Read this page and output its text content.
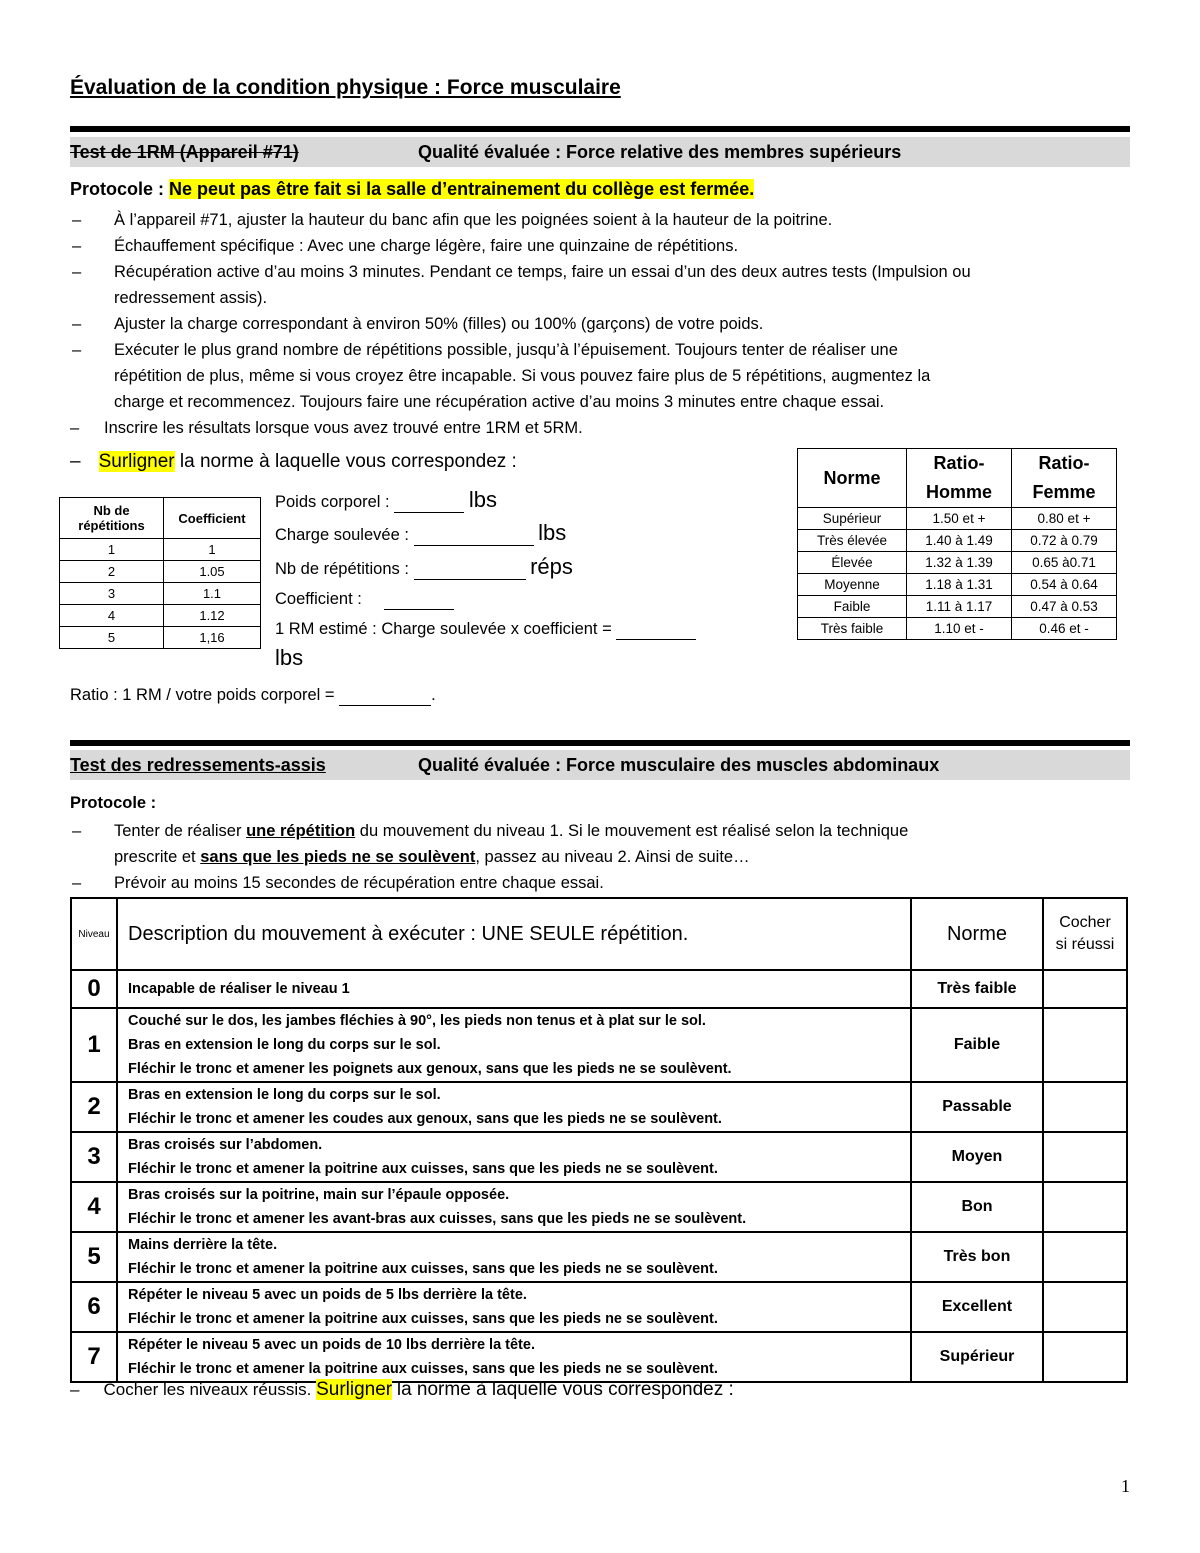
Évaluation de la condition physique : Force musculaire
Test de 1RM (Appareil #71)	Qualité évaluée : Force relative des membres supérieurs
Protocole : Ne peut pas être fait si la salle d’entrainement du collège est fermée.
– À l’appareil #71, ajuster la hauteur du banc afin que les poignées soient à la hauteur de la poitrine.
– Échauffement spécifique : Avec une charge légère, faire une quinzaine de répétitions.
– Récupération active d’au moins 3 minutes. Pendant ce temps, faire un essai d’un des deux autres tests (Impulsion ou
redressement assis).
– Ajuster la charge correspondant à environ 50% (filles) ou 100% (garçons) de votre poids.
– Exécuter le plus grand nombre de répétitions possible, jusqu’à l’épuisement. Toujours tenter de réaliser une
répétition de plus, même si vous croyez être incapable. Si vous pouvez faire plus de 5 répétitions, augmentez la
charge et recommencez. Toujours faire une récupération active d’au moins 3 minutes entre chaque essai.
– Inscrire les résultats lorsque vous avez trouvé entre 1RM et 5RM.
– Surligner la norme à laquelle vous correspondez :
Nb de répétitions	Coefficient
1	1
2	1.05
3	1.1
4	1.12
5	1,16
Poids corporel :	lbs
Charge soulevée :	lbs
Nb de répétitions :	réps
Coefficient :
1 RM estimé : Charge soulevée x coefficient =
lbs
Ratio : 1 RM / votre poids corporel =	.
Norme	Ratio-Homme	Ratio-Femme
Supérieur	1.50 et +	0.80 et +
Très élevée	1.40 à 1.49	0.72 à 0.79
Élevée	1.32 à 1.39	0.65 à0.71
Moyenne	1.18 à 1.31	0.54 à 0.64
Faible	1.11 à 1.17	0.47 à 0.53
Très faible	1.10 et -	0.46 et -
Test des redressements-assis	Qualité évaluée : Force musculaire des muscles abdominaux
Protocole :
– Tenter de réaliser une répétition du mouvement du niveau 1. Si le mouvement est réalisé selon la technique
prescrite et sans que les pieds ne se soulèvent, passez au niveau 2. Ainsi de suite…
– Prévoir au moins 15 secondes de récupération entre chaque essai.
Niveau	Description du mouvement à exécuter : UNE SEULE répétition.	Norme	Cocher si réussi
0	Incapable de réaliser le niveau 1	Très faible	
1	Couché sur le dos, les jambes fléchies à 90°, les pieds non tenus et à plat sur le sol.
Bras en extension le long du corps sur le sol.
Fléchir le tronc et amener les poignets aux genoux, sans que les pieds ne se soulèvent.	Faible	
2	Bras en extension le long du corps sur le sol.
Fléchir le tronc et amener les coudes aux genoux, sans que les pieds ne se soulèvent.	Passable	
3	Bras croisés sur l’abdomen.
Fléchir le tronc et amener la poitrine aux cuisses, sans que les pieds ne se soulèvent.	Moyen	
4	Bras croisés sur la poitrine, main sur l’épaule opposée.
Fléchir le tronc et amener les avant-bras aux cuisses, sans que les pieds ne se soulèvent.	Bon	
5	Mains derrière la tête.
Fléchir le tronc et amener la poitrine aux cuisses, sans que les pieds ne se soulèvent.	Très bon	
6	Répéter le niveau 5 avec un poids de 5 lbs derrière la tête.
Fléchir le tronc et amener la poitrine aux cuisses, sans que les pieds ne se soulèvent.	Excellent	
7	Répéter le niveau 5 avec un poids de 10 lbs derrière la tête.
Fléchir le tronc et amener la poitrine aux cuisses, sans que les pieds ne se soulèvent.	Supérieur	
– Cocher les niveaux réussis. Surligner la norme à laquelle vous correspondez :
1
